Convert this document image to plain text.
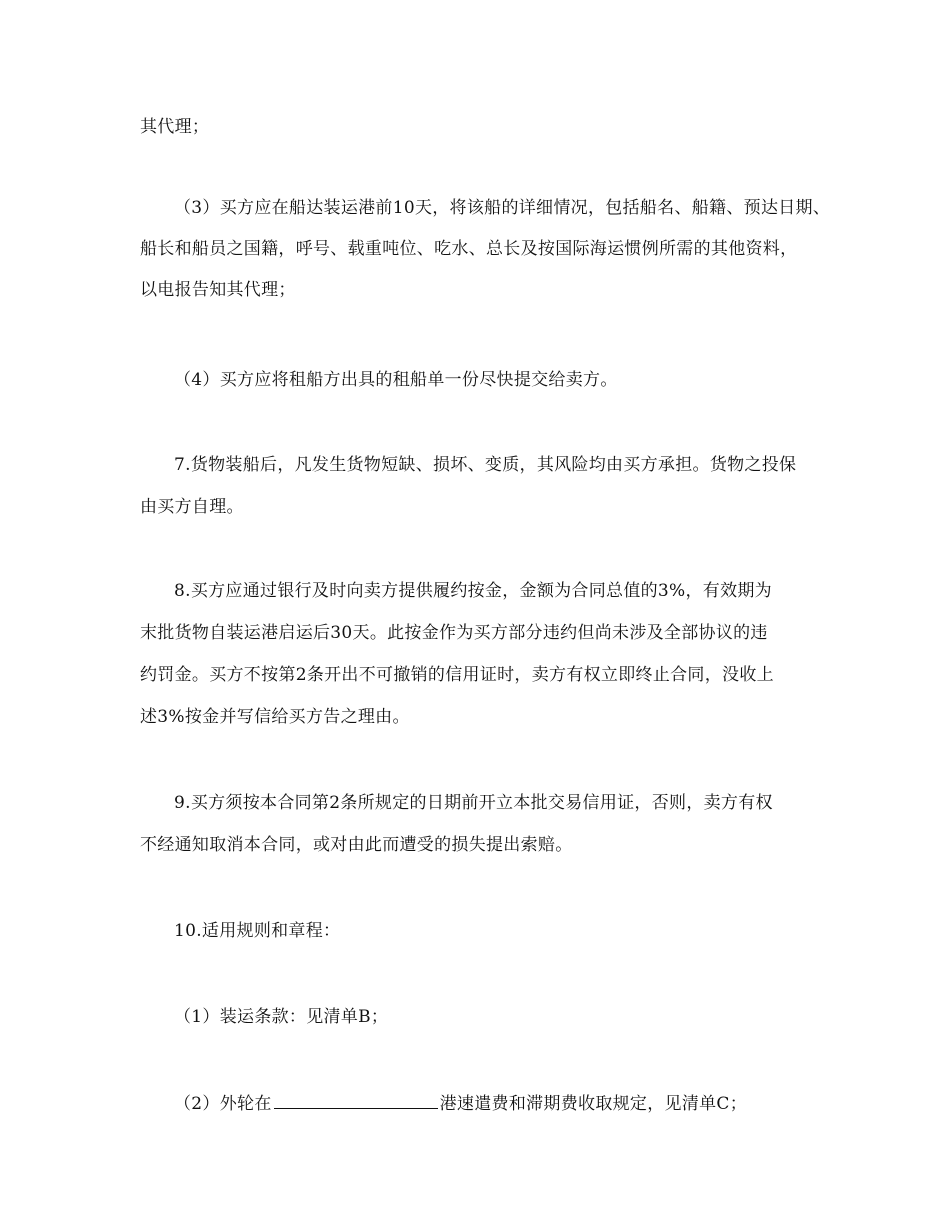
其代理；
（3）买方应在船达装运港前10天，将该船的详细情况，包括船名、船籍、预达日期、
船长和船员之国籍，呼号、载重吨位、吃水、总长及按国际海运惯例所需的其他资料，
以电报告知其代理；
（4）买方应将租船方出具的租船单一份尽快提交给卖方。
7.货物装船后，凡发生货物短缺、损坏、变质，其风险均由买方承担。货物之投保
由买方自理。
8.买方应通过银行及时向卖方提供履约按金，金额为合同总值的3%，有效期为
末批货物自装运港启运后30天。此按金作为买方部分违约但尚未涉及全部协议的违
约罚金。买方不按第2条开出不可撤销的信用证时，卖方有权立即终止合同，没收上
述3%按金并写信给买方告之理由。
9.买方须按本合同第2条所规定的日期前开立本批交易信用证，否则，卖方有权
不经通知取消本合同，或对由此而遭受的损失提出索赔。
10.适用规则和章程：
（1）装运条款：见清单B；
（2）外轮在	港速遣费和滞期费收取规定，见清单C；
